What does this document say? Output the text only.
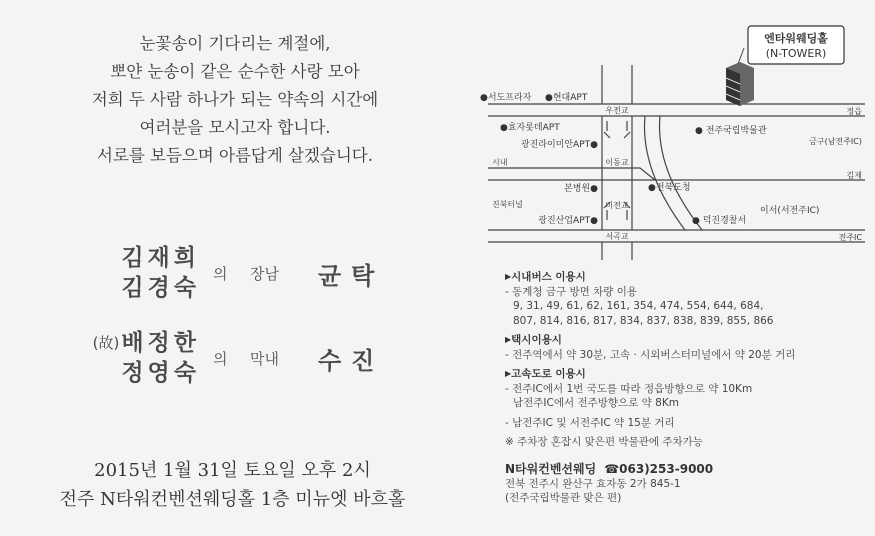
눈꽃송이 기다리는 계절에,
뽀얀 눈송이 같은 순수한 사랑 모아
저희 두 사람 하나가 되는 약속의 시간에
여러분을 모시고자 합니다.
서로를 보듬으며 아름답게 살겠습니다.
김재희
김경숙
의 장남 균탁
(故)배정한
정영숙
의 막내 수진
2015년 1월 31일 토요일 오후 2시
전주 N타워컨벤션웨딩홀 1층 미뉴엣 바흐홀
엔타워웨딩홀
(N-TOWER)
●서도프라자 ●현대APT
●효자롯데APT
광진라이미안APT●
본병원●
광진산업APT●
● 전주국립박물관
●전북도청
● 덕진경찰서
이서(서전주IC)
정읍
김제
금구(남전주IC)
전주IC
시내
진북터널
우전교
이동교
미전교
서곡교
▶시내버스 이용시
- 동계청 금구 방면 차량 이용
9, 31, 49, 61, 62, 161, 354, 474, 554, 644, 684,
807, 814, 816, 817, 834, 837, 838, 839, 855, 866
▶택시이용시
- 전주역에서 약 30분, 고속 · 시외버스터미널에서 약 20분 거리
▶고속도로 이용시
- 전주IC에서 1번 국도를 따라 정읍방향으로 약 10Km
남전주IC에서 전주방향으로 약 8Km
- 남전주IC 및 서전주IC 약 15분 거리
※ 주차장 혼잡시 맞은편 박물관에 주차가능
N타워컨벤션웨딩 ☎063)253-9000
전북 전주시 완산구 효자동 2가 845-1
(전주국립박물관 맞은 편)
